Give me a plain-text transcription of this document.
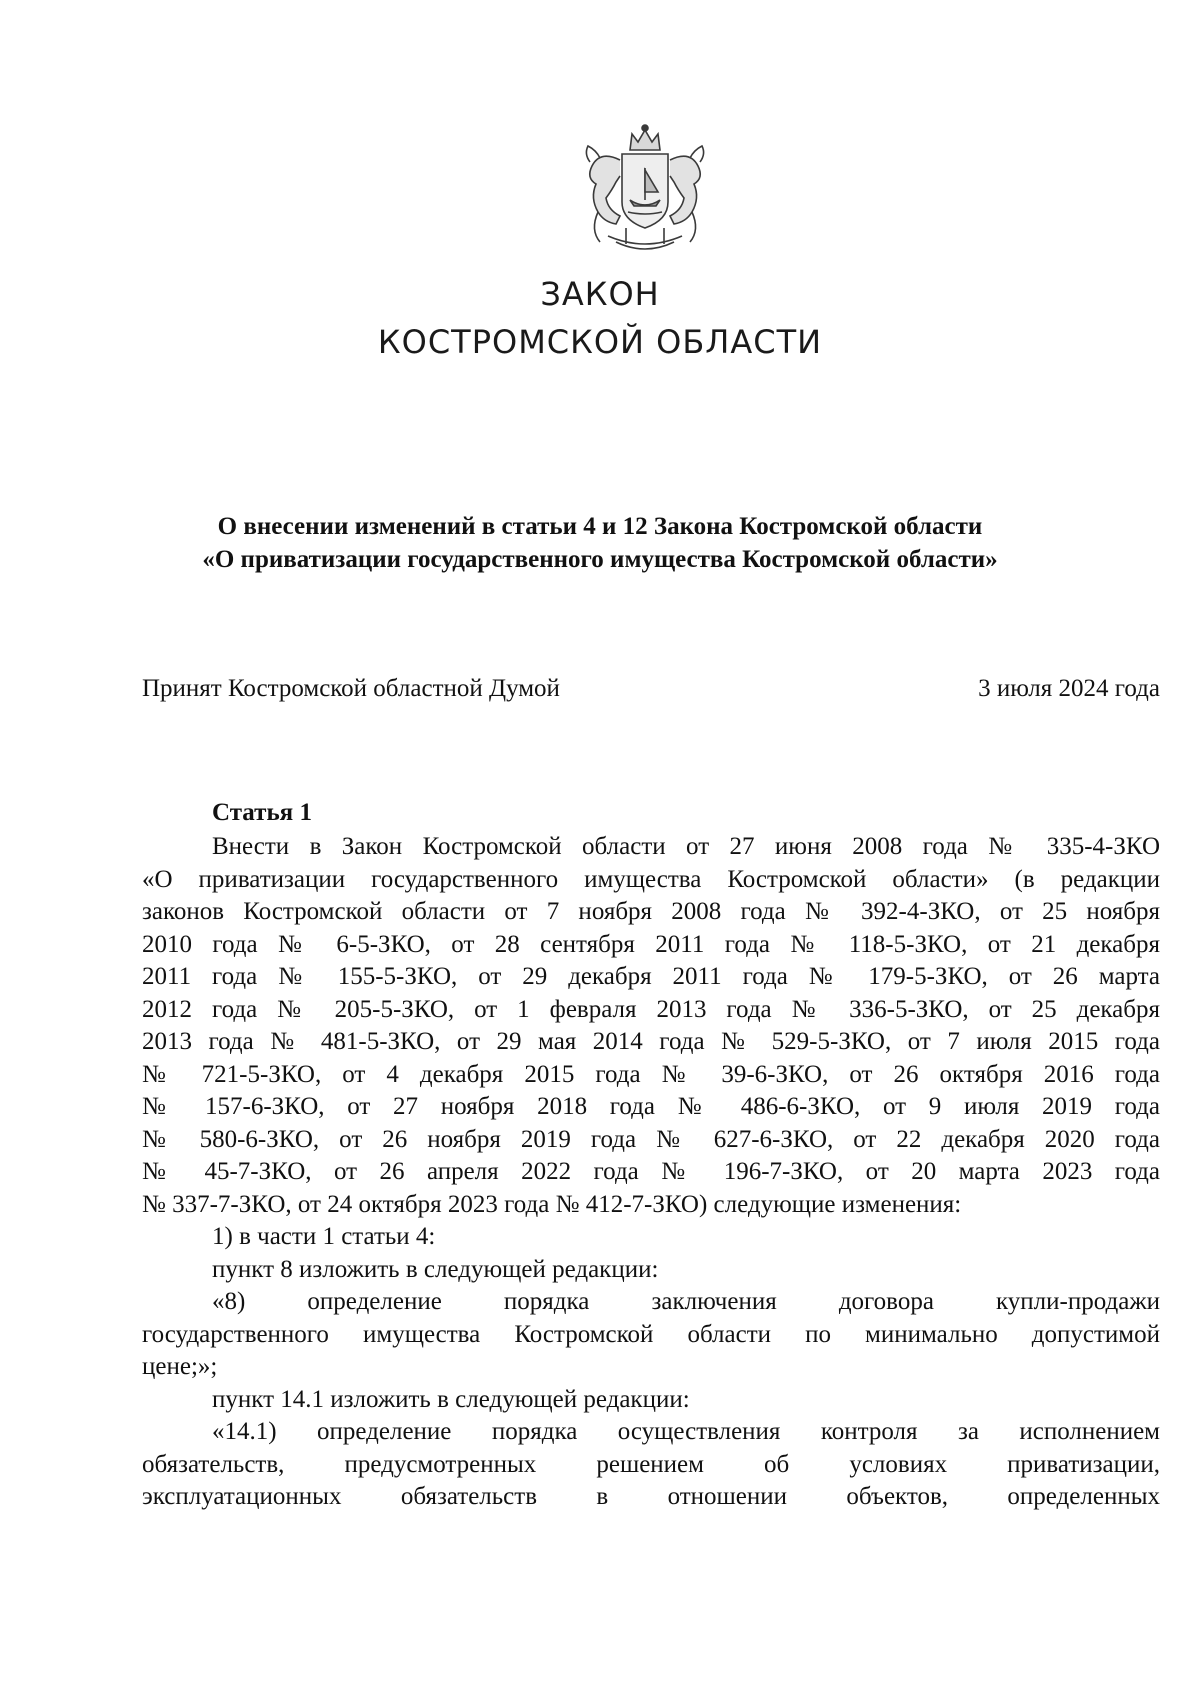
ЗАКОН
КОСТРОМСКОЙ ОБЛАСТИ
О внесении изменений в статьи 4 и 12 Закона Костромской области
«О приватизации государственного имущества Костромской области»
Принят Костромской областной Думой	3 июля 2024 года
Статья 1
Внести в Закон Костромской области от 27 июня 2008 года № 335-4-ЗКО
«О приватизации государственного имущества Костромской области» (в редакции
законов Костромской области от 7 ноября 2008 года № 392-4-ЗКО, от 25 ноября
2010 года № 6-5-ЗКО, от 28 сентября 2011 года № 118-5-ЗКО, от 21 декабря
2011 года № 155-5-ЗКО, от 29 декабря 2011 года № 179-5-ЗКО, от 26 марта
2012 года № 205-5-ЗКО, от 1 февраля 2013 года № 336-5-ЗКО, от 25 декабря
2013 года № 481-5-ЗКО, от 29 мая 2014 года № 529-5-ЗКО, от 7 июля 2015 года
№ 721-5-ЗКО, от 4 декабря 2015 года № 39-6-ЗКО, от 26 октября 2016 года
№ 157-6-ЗКО, от 27 ноября 2018 года № 486-6-ЗКО, от 9 июля 2019 года
№ 580-6-ЗКО, от 26 ноября 2019 года № 627-6-ЗКО, от 22 декабря 2020 года
№ 45-7-ЗКО, от 26 апреля 2022 года № 196-7-ЗКО, от 20 марта 2023 года
№ 337-7-ЗКО, от 24 октября 2023 года № 412-7-ЗКО) следующие изменения:
1) в части 1 статьи 4:
пункт 8 изложить в следующей редакции:
«8) определение порядка заключения договора купли-продажи
государственного имущества Костромской области по минимально допустимой
цене;»;
пункт 14.1 изложить в следующей редакции:
«14.1) определение порядка осуществления контроля за исполнением
обязательств, предусмотренных решением об условиях приватизации,
эксплуатационных обязательств в отношении объектов, определенных
